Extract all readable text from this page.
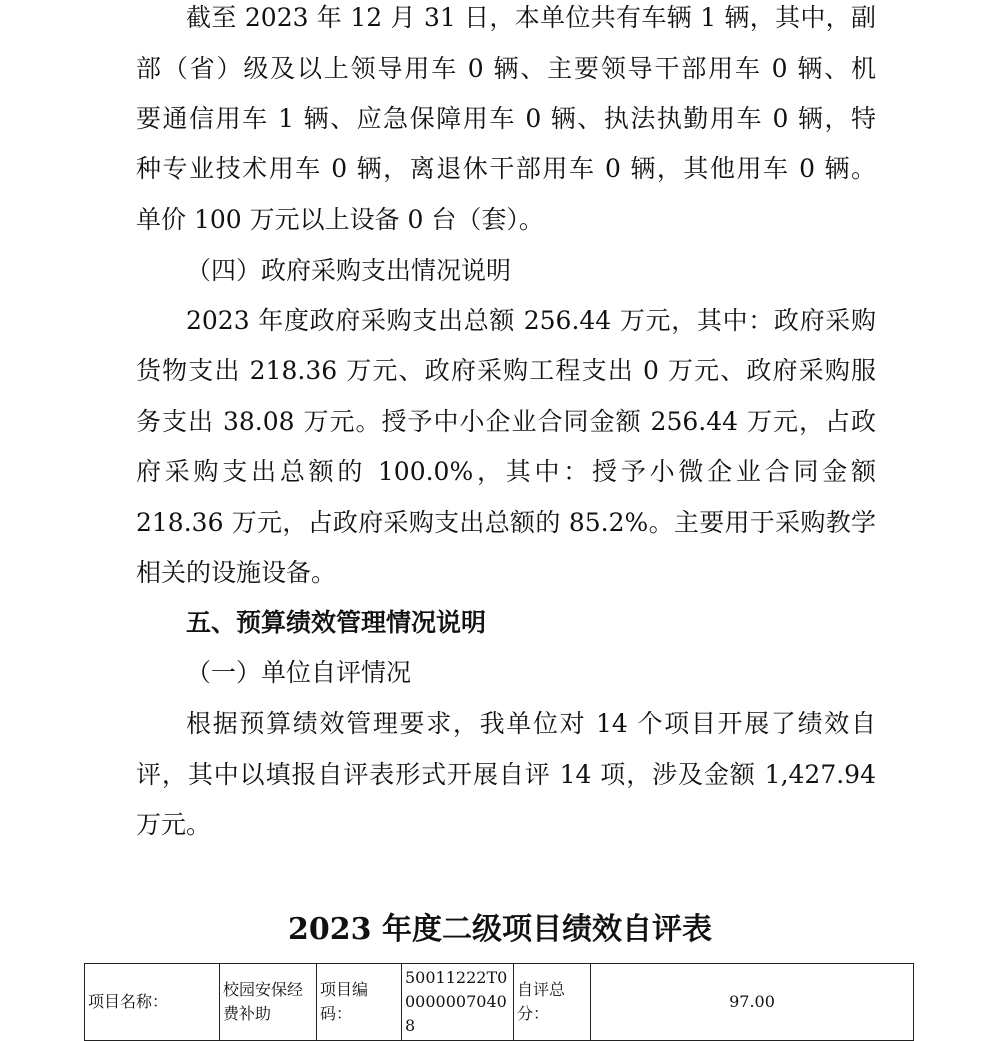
截至 2023 年 12 月 31 日，本单位共有车辆 1 辆，其中，副
部（省）级及以上领导用车 0 辆、主要领导干部用车 0 辆、机
要通信用车 1 辆、应急保障用车 0 辆、执法执勤用车 0 辆，特
种专业技术用车 0 辆，离退休干部用车 0 辆，其他用车 0 辆。
单价 100 万元以上设备 0 台（套）。
（四）政府采购支出情况说明
2023 年度政府采购支出总额 256.44 万元，其中：政府采购
货物支出 218.36 万元、政府采购工程支出 0 万元、政府采购服
务支出 38.08 万元。授予中小企业合同金额 256.44 万元，占政
府采购支出总额的 100.0%，其中：授予小微企业合同金额
218.36 万元，占政府采购支出总额的 85.2%。主要用于采购教学
相关的设施设备。
五、预算绩效管理情况说明
（一）单位自评情况
根据预算绩效管理要求，我单位对 14 个项目开展了绩效自
评，其中以填报自评表形式开展自评 14 项，涉及金额 1,427.94
万元。
2023 年度二级项目绩效自评表
项目名称：	校园安保经费补助	项目编码：	50011222T000000070408	自评总分：	97.00
